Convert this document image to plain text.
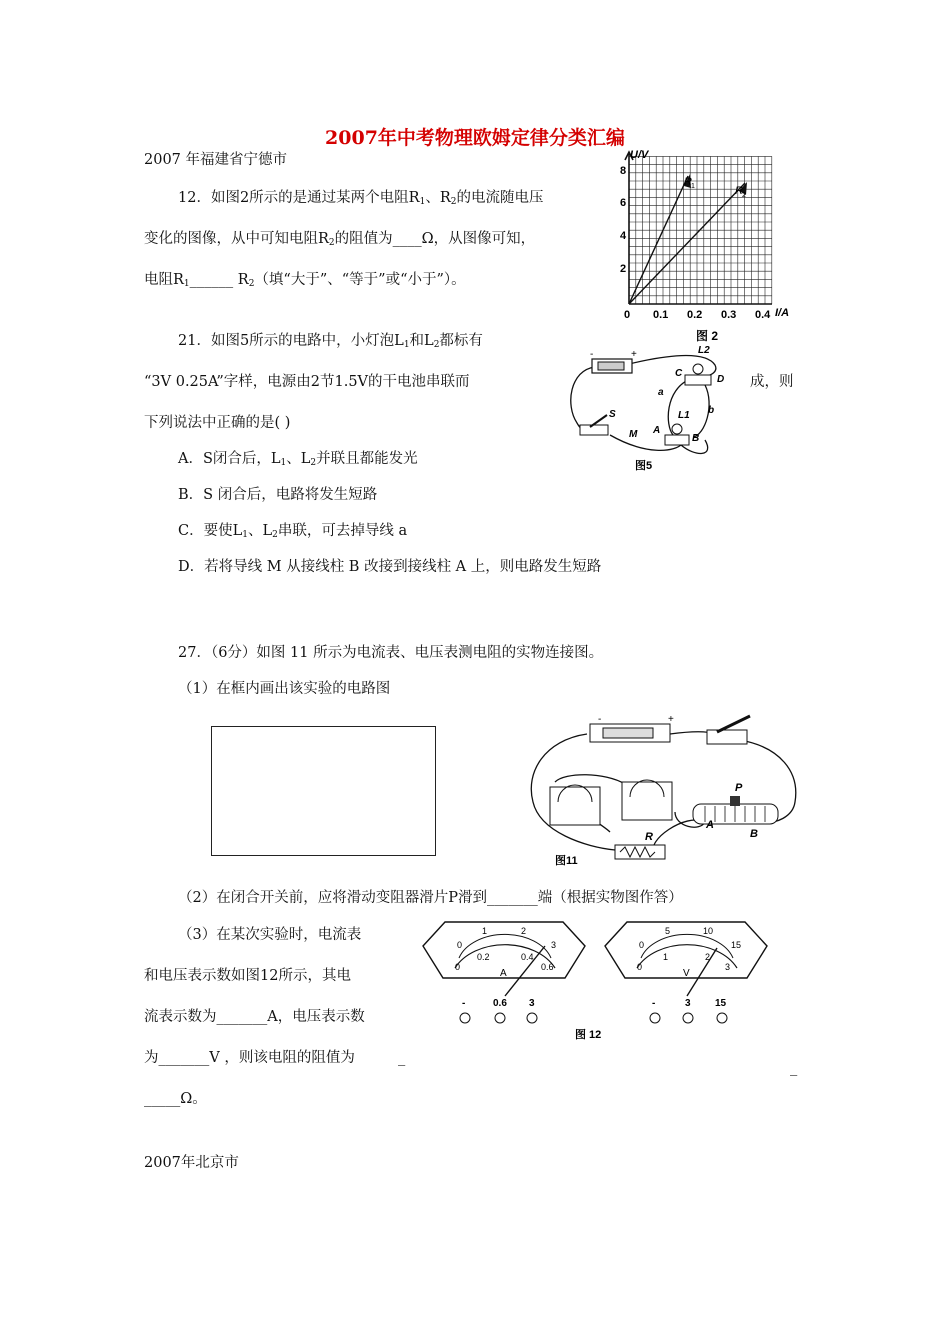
2007年中考物理欧姆定律分类汇编
2007 年福建省宁德市
12．如图2所示的是通过某两个电阻$R_1$、$R_2$的电流随电压
变化的图像，从中可知电阻$R_2$的阻值为____Ω，从图像可知，
电阻$R_1\_\_\_\_\_\_$ $R_2$（填“大于”、“等于”或“小于”）。
R 1	R 2
U/V
I/A
2
4
6
8
0 0.1 0.2 0.3 0.4
图 2
21．如图5所示的电路中，小灯泡$L_1$和$L_2$都标有
“3V 0.25A”字样，电源由2节1.5V的干电池串联而	成，则
下列说法中正确的是( )
A．S闭合后，$L_1$、$L_2$并联且都能发光
B．S 闭合后，电路将发生短路
C．要使$L_1$、$L_2$串联，可去掉导线 a
D．若将导线 M 从接线柱 B 改接到接线柱 A 上，则电路发生短路
-	+	L2
C
D
a
b
L1
A
B
S
M
图5
27．（6分）如图 11 所示为电流表、电压表测电阻的实物连接图。
（1）在框内画出该实验的电路图
-	+
P
A
B
R
图11
（2）在闭合开关前，应将滑动变阻器滑片P滑到_______端（根据实物图作答）
（3）在某次实验时，电流表
和电压表示数如图12所示，其电
流表示数为_______A，电压表示数
为_______V ，则该电阻的阻值为	_
_
_____Ω。
0
1	2
3
0
0.2	0.4
0.6
A
-	0.6 3
0
5	10
15
0
1	2
3
V
-	3 15
图 12
2007年北京市
